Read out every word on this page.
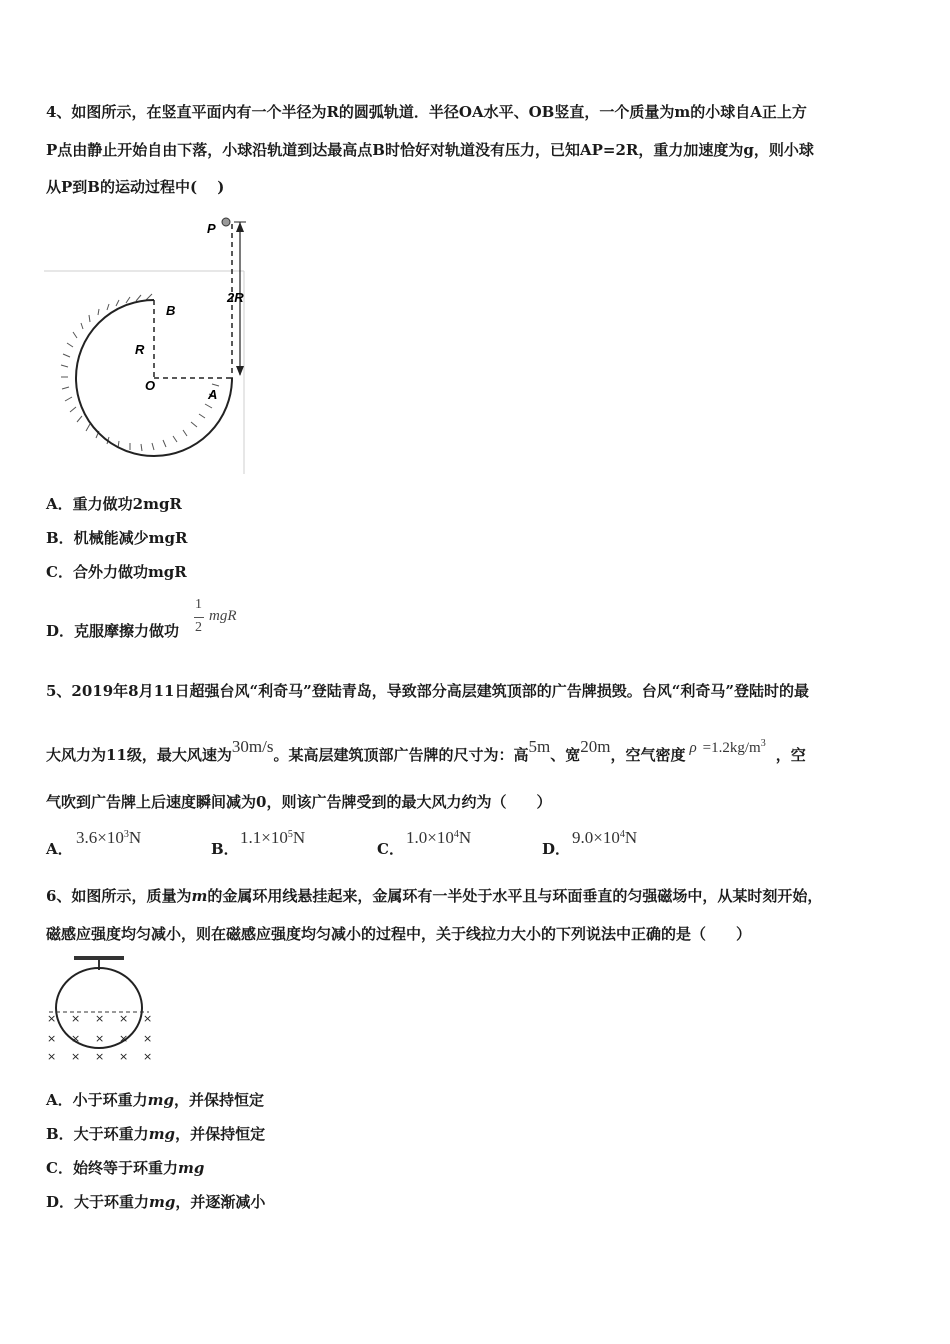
4、如图所示，在竖直平面内有一个半径为R的圆弧轨道．半径OA水平、OB竖直，一个质量为m的小球自A正上方
P点由静止开始自由下落，小球沿轨道到达最高点B时恰好对轨道没有压力，已知AP=2R，重力加速度为g，则小球
从P到B的运动过程中(　 )
P
B
R
O
A
2R
A．重力做功2mgR
B．机械能减少mgR
C．合外力做功mgR
D．克服摩擦力做功
1
2
mgR
5、2019年8月11日超强台风“利奇马”登陆青岛，导致部分高层建筑顶部的广告牌损毁。台风“利奇马”登陆时的最
大风力为11级，最大风速为30m/s。某高层建筑顶部广告牌的尺寸为：高5m、宽20m，空气密度 $\rho =1.2kg/m^3$，空
气吹到广告牌上后速度瞬间减为0，则该广告牌受到的最大风力约为（　　）
A．
$3.6\times 10^3N$
B．
$1.1\times 10^5N$
C．
$1.0\times 10^4N$
D．
$9.0\times 10^4N$
6、如图所示，质量为m的金属环用线悬挂起来，金属环有一半处于水平且与环面垂直的匀强磁场中，从某时刻开始，
磁感应强度均匀减小，则在磁感应强度均匀减小的过程中，关于线拉力大小的下列说法中正确的是（　　）
× × × × ×
× × × × ×
× × × × ×
A．小于环重力mg，并保持恒定
B．大于环重力mg，并保持恒定
C．始终等于环重力mg
D．大于环重力mg，并逐渐减小
